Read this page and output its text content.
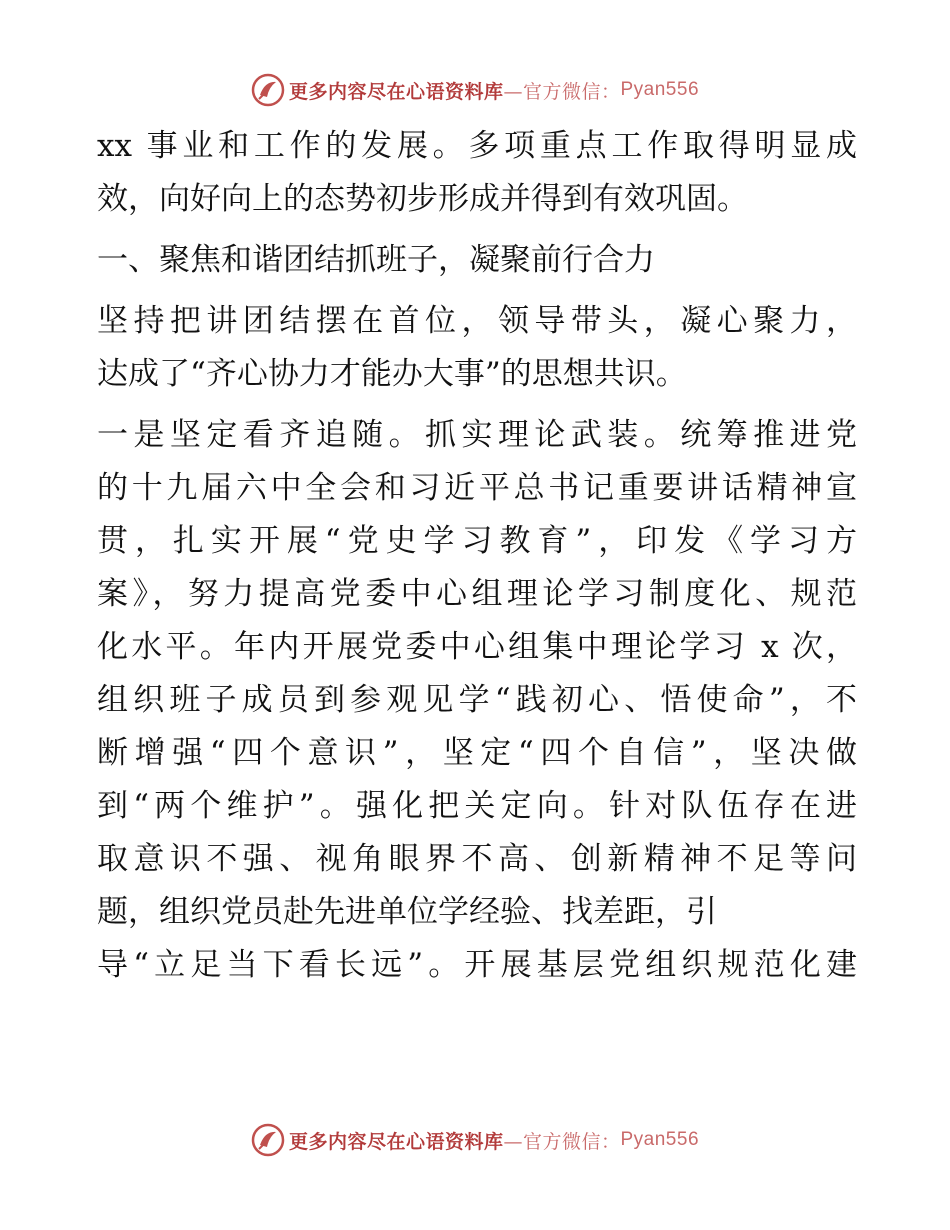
更多内容尽在心语资料库 —官方微信： Pyan556
xx 事业和工作的发展。多项重点工作取得明显成
效，向好向上的态势初步形成并得到有效巩固。
一、聚焦和谐团结抓班子，凝聚前行合力
坚持把讲团结摆在首位，领导带头，凝心聚力，
达成了“齐心协力才能办大事”的思想共识。
一是坚定看齐追随。抓实理论武装。统筹推进党
的十九届六中全会和习近平总书记重要讲话精神宣
贯，扎实开展“党史学习教育”，印发《学习方
案》，努力提高党委中心组理论学习制度化、规范
化水平。年内开展党委中心组集中理论学习 x 次，
组织班子成员到参观见学“践初心、悟使命”，不
断增强“四个意识”，坚定“四个自信”，坚决做
到“两个维护”。强化把关定向。针对队伍存在进
取意识不强、视角眼界不高、创新精神不足等问
题，组织党员赴先进单位学经验、找差距，引
导“立足当下看长远”。开展基层党组织规范化建
更多内容尽在心语资料库 —官方微信： Pyan556
